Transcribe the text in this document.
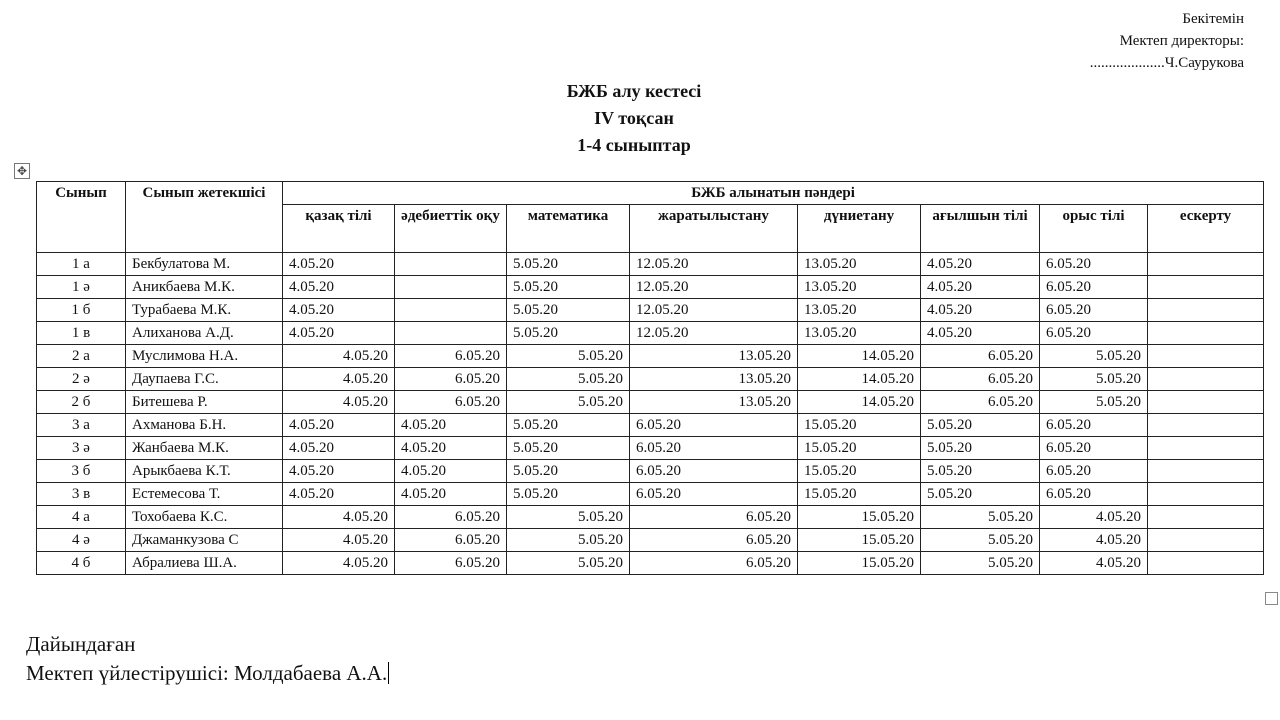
Бекітемін
Мектеп директоры:
....................Ч.Саурукова
БЖБ алу кестесі
IV тоқсан
1-4 сыныптар
✥
Сынып	Сынып жетекшісі	БЖБ алынатын пәндері							
		қазақ тілі	әдебиеттік оқу	математика	жаратылыстану	дүниетану	ағылшын тілі	орыс тілі	ескерту
1 а	Бекбулатова М.	4.05.20		5.05.20	12.05.20	13.05.20	4.05.20	6.05.20	
1 ә	Аникбаева М.К.	4.05.20		5.05.20	12.05.20	13.05.20	4.05.20	6.05.20	
1 б	Турабаева М.К.	4.05.20		5.05.20	12.05.20	13.05.20	4.05.20	6.05.20	
1 в	Алиханова А.Д.	4.05.20		5.05.20	12.05.20	13.05.20	4.05.20	6.05.20	
2 а	Муслимова Н.А.	4.05.20	6.05.20	5.05.20	13.05.20	14.05.20	6.05.20	5.05.20	
2 ә	Даупаева Г.С.	4.05.20	6.05.20	5.05.20	13.05.20	14.05.20	6.05.20	5.05.20	
2 б	Битешева Р.	4.05.20	6.05.20	5.05.20	13.05.20	14.05.20	6.05.20	5.05.20	
3 а	Ахманова Б.Н.	4.05.20	4.05.20	5.05.20	6.05.20	15.05.20	5.05.20	6.05.20	
3 ә	Жанбаева М.К.	4.05.20	4.05.20	5.05.20	6.05.20	15.05.20	5.05.20	6.05.20	
3 б	Арыкбаева К.Т.	4.05.20	4.05.20	5.05.20	6.05.20	15.05.20	5.05.20	6.05.20	
3 в	Естемесова Т.	4.05.20	4.05.20	5.05.20	6.05.20	15.05.20	5.05.20	6.05.20	
4 а	Тохобаева К.С.	4.05.20	6.05.20	5.05.20	6.05.20	15.05.20	5.05.20	4.05.20	
4 ә	Джаманкузова С	4.05.20	6.05.20	5.05.20	6.05.20	15.05.20	5.05.20	4.05.20	
4 б	Абралиева Ш.А.	4.05.20	6.05.20	5.05.20	6.05.20	15.05.20	5.05.20	4.05.20	
Дайындаған
Мектеп үйлестірушісі: Молдабаева А.А.
